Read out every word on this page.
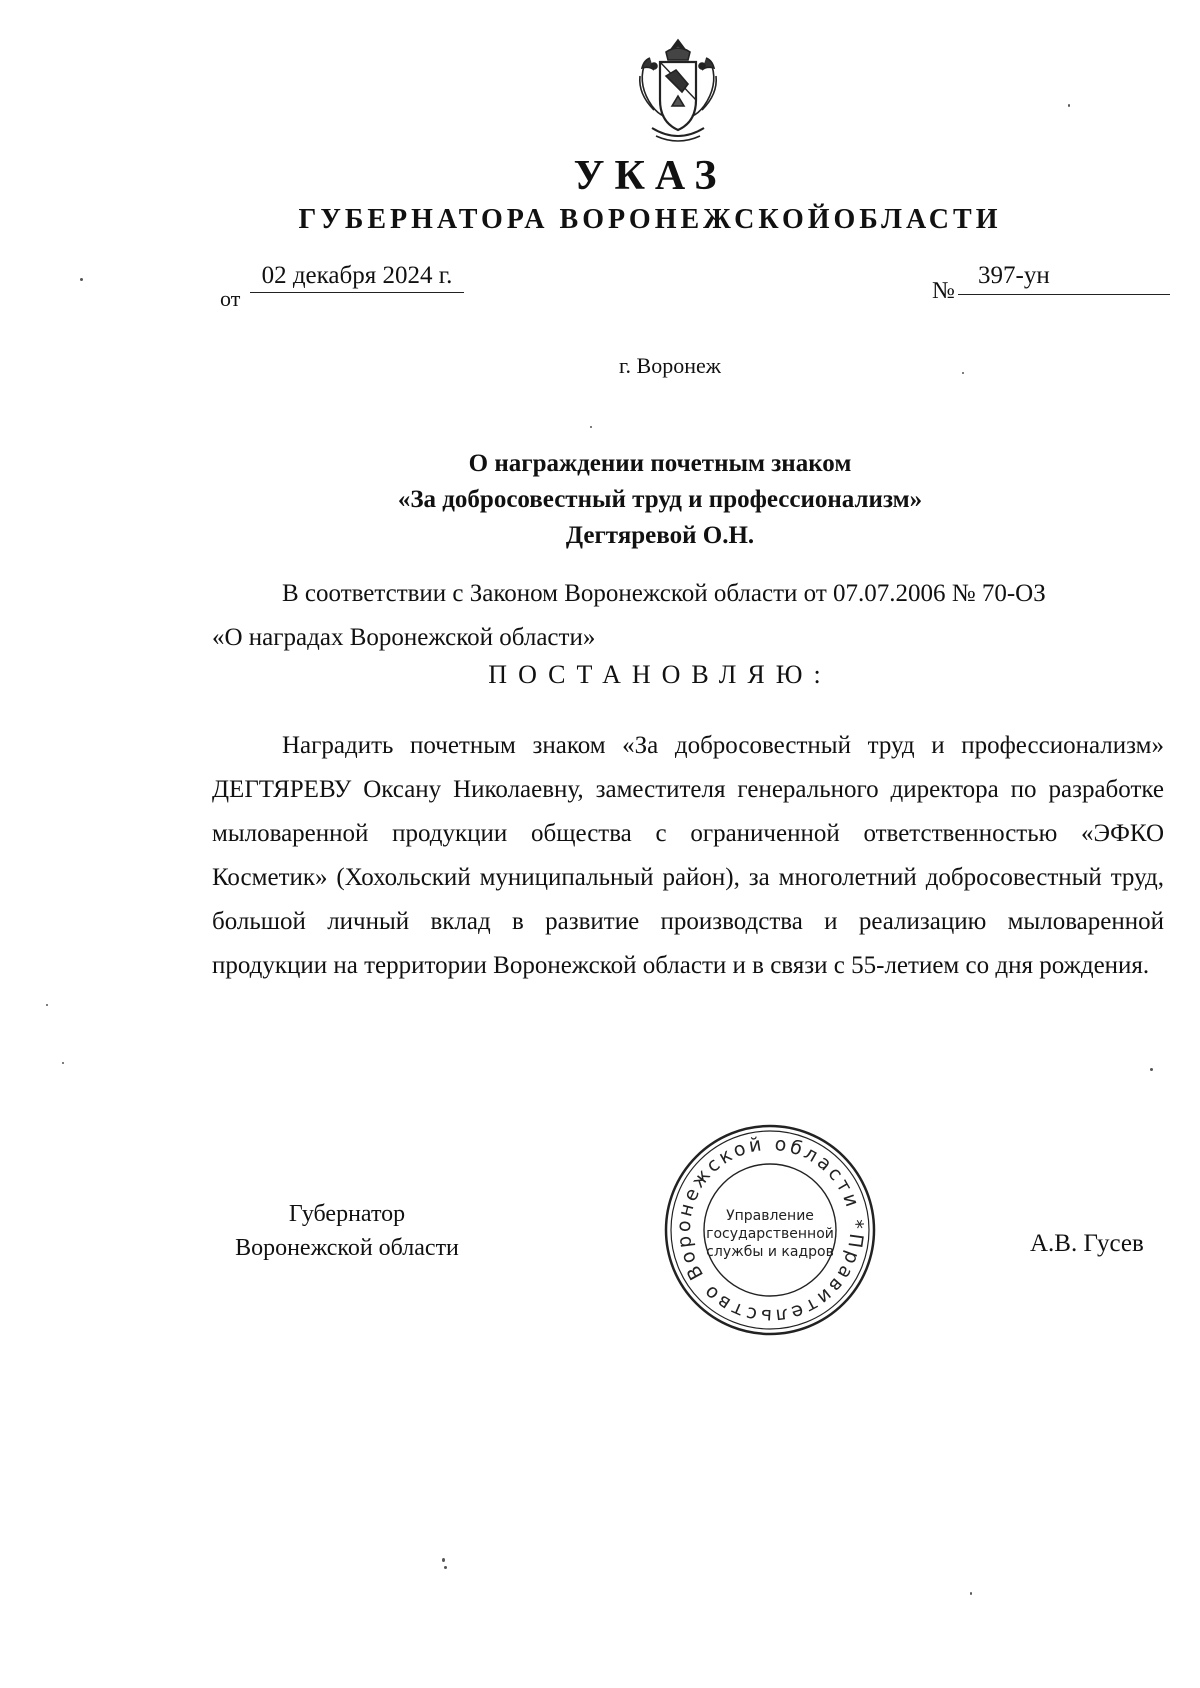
УКАЗ
ГУБЕРНАТОРА ВОРОНЕЖСКОЙОБЛАСТИ
от
02 декабря 2024 г.
№
397-ун
г. Воронеж
О награждении почетным знаком
«За добросовестный труд и профессионализм»
Дегтяревой О.Н.
В соответствии с Законом Воронежской области от 07.07.2006 № 70-ОЗ
«О наградах Воронежской области»
ПОСТАНОВЛЯЮ:

Наградить почетным знаком «За добросовестный труд и профессионализм» ДЕГТЯРЕВУ Оксану Николаевну, заместителя генерального директора по разработке мыловаренной продукции общества с ограниченной ответственностью «ЭФКО Косметик» (Хохольский муниципальный район), за многолетний добросовестный труд, большой личный вклад в развитие производства и реализацию мыловаренной продукции на территории Воронежской области и в связи с 55-летием со дня рождения.

Губернатор
Воронежской области	А.В. Гусев
Правительство Воронежской области *
Управление
государственной
службы и кадров
